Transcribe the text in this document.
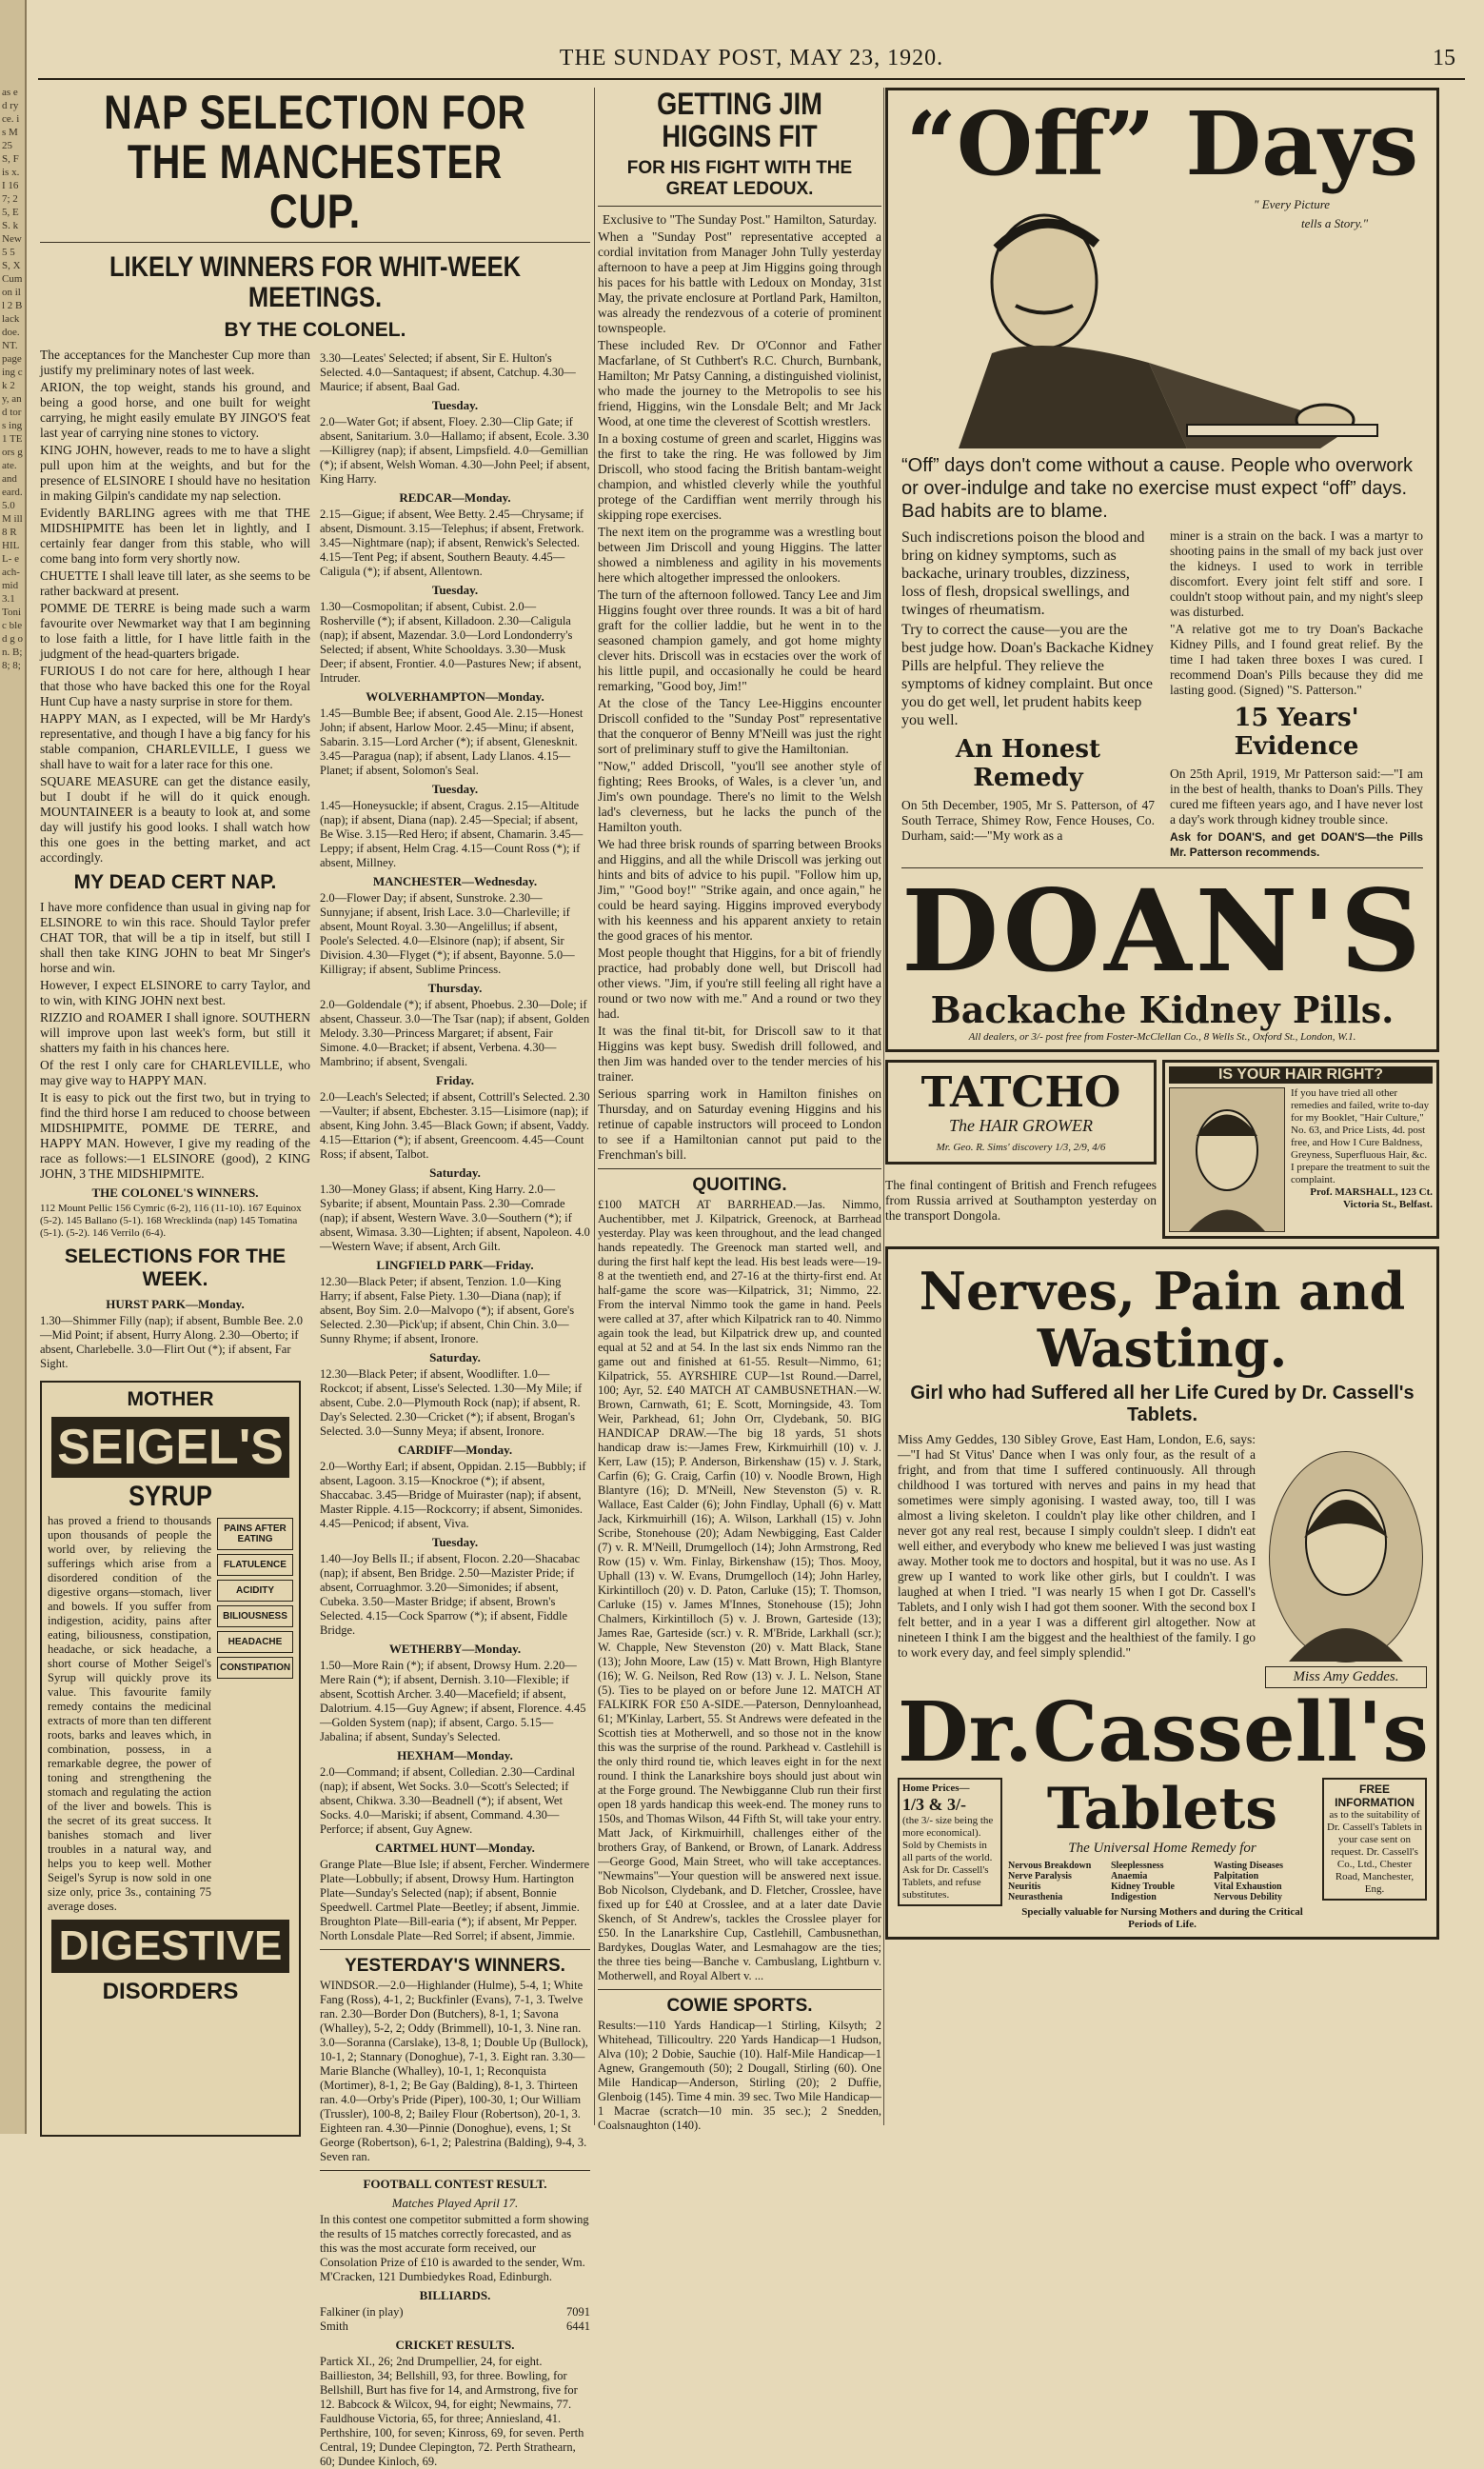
as ed ry ce. is M 25 S, F is x. I 16 7; 25, ES. k New 5 5 S, X Cum on ill 2 Black doe. NT. page ing ck 2 y, and tors ing 1 TE ors gate. and eard. 5.0 M ill 8 R HILL- each- mid 3.1 Tonic bled g on. B; 8; 8;
THE SUNDAY POST, MAY 23, 1920.	15
NAP SELECTION FOR THE MANCHESTER CUP.
LIKELY WINNERS FOR WHIT-WEEK MEETINGS.
BY THE COLONEL.

The acceptances for the Manchester Cup more than justify my preliminary notes of last week.

ARION, the top weight, stands his ground, and being a good horse, and one built for weight carrying, he might easily emulate BY JINGO'S feat last year of carrying nine stones to victory.

KING JOHN, however, reads to me to have a slight pull upon him at the weights, and but for the presence of ELSINORE I should have no hesitation in making Gilpin's candidate my nap selection.

Evidently BARLING agrees with me that THE MIDSHIPMITE has been let in lightly, and I certainly fear danger from this stable, who will come bang into form very shortly now.

CHUETTE I shall leave till later, as she seems to be rather backward at present.

POMME DE TERRE is being made such a warm favourite over Newmarket way that I am beginning to lose faith a little, for I have little faith in the judgment of the head-quarters brigade.

FURIOUS I do not care for here, although I hear that those who have backed this one for the Royal Hunt Cup have a nasty surprise in store for them.

HAPPY MAN, as I expected, will be Mr Hardy's representative, and though I have a big fancy for his stable companion, CHARLEVILLE, I guess we shall have to wait for a later race for this one.

SQUARE MEASURE can get the distance easily, but I doubt if he will do it quick enough. MOUNTAINEER is a beauty to look at, and some day will justify his good looks. I shall watch how this one goes in the betting market, and act accordingly.

MY DEAD CERT NAP.

I have more confidence than usual in giving nap for ELSINORE to win this race. Should Taylor prefer CHAT TOR, that will be a tip in itself, but still I shall then take KING JOHN to beat Mr Singer's horse and win.

However, I expect ELSINORE to carry Taylor, and to win, with KING JOHN next best.

RIZZIO and ROAMER I shall ignore. SOUTHERN will improve upon last week's form, but still it shatters my faith in his chances here.

Of the rest I only care for CHARLEVILLE, who may give way to HAPPY MAN.

It is easy to pick out the first two, but in trying to find the third horse I am reduced to choose between MIDSHIPMITE, POMME DE TERRE, and HAPPY MAN. However, I give my reading of the race as follows:—1 ELSINORE (good), 2 KING JOHN, 3 THE MIDSHIPMITE.

THE COLONEL'S WINNERS.

112 Mount Pellic 156 Cymric (6-2), 116 (11-10). 167 Equinox (5-2). 145 Ballano (5-1). 168 Wrecklinda (nap) 145 Tomatina (5-1). (5-2). 146 Verrilo (6-4).

SELECTIONS FOR THE WEEK.
HURST PARK—Monday.

1.30—Shimmer Filly (nap); if absent, Bumble Bee. 2.0—Mid Point; if absent, Hurry Along. 2.30—Oberto; if absent, Charlebelle. 3.0—Flirt Out (*); if absent, Far Sight.

MOTHER
SEIGEL'S
SYRUP

has proved a friend to thousands upon thousands of people the world over, by relieving the sufferings which arise from a disordered condition of the digestive organs—stomach, liver and bowels. If you suffer from indigestion, acidity, pains after eating, biliousness, constipation, headache, or sick headache, a short course of Mother Seigel's Syrup will quickly prove its value. This favourite family remedy contains the medicinal extracts of more than ten different roots, barks and leaves which, in combination, possess, in a remarkable degree, the power of toning and strengthening the stomach and regulating the action of the liver and bowels. This is the secret of its great success. It banishes stomach and liver troubles in a natural way, and helps you to keep well. Mother Seigel's Syrup is now sold in one size only, price 3s., containing 75 average doses.

PAINS AFTER EATING
FLATULENCE
ACIDITY
BILIOUSNESS
HEADACHE
CONSTIPATION
DIGESTIVE
DISORDERS

3.30—Leates' Selected; if absent, Sir E. Hulton's Selected. 4.0—Santaquest; if absent, Catchup. 4.30—Maurice; if absent, Baal Gad.

Tuesday.

2.0—Water Got; if absent, Floey. 2.30—Clip Gate; if absent, Sanitarium. 3.0—Hallamo; if absent, Ecole. 3.30—Killigrey (nap); if absent, Limpsfield. 4.0—Gemillian (*); if absent, Welsh Woman. 4.30—John Peel; if absent, King Harry.

REDCAR—Monday.

2.15—Gigue; if absent, Wee Betty. 2.45—Chrysame; if absent, Dismount. 3.15—Telephus; if absent, Fretwork. 3.45—Nightmare (nap); if absent, Renwick's Selected. 4.15—Tent Peg; if absent, Southern Beauty. 4.45—Caligula (*); if absent, Allentown.

Tuesday.

1.30—Cosmopolitan; if absent, Cubist. 2.0—Rosherville (*); if absent, Killadoon. 2.30—Caligula (nap); if absent, Mazendar. 3.0—Lord Londonderry's Selected; if absent, White Schooldays. 3.30—Musk Deer; if absent, Frontier. 4.0—Pastures New; if absent, Intruder.

WOLVERHAMPTON—Monday.

1.45—Bumble Bee; if absent, Good Ale. 2.15—Honest John; if absent, Harlow Moor. 2.45—Minu; if absent, Sabarin. 3.15—Lord Archer (*); if absent, Glenesknit. 3.45—Paragua (nap); if absent, Lady Llanos. 4.15—Planet; if absent, Solomon's Seal.

Tuesday.

1.45—Honeysuckle; if absent, Cragus. 2.15—Altitude (nap); if absent, Diana (nap). 2.45—Special; if absent, Be Wise. 3.15—Red Hero; if absent, Chamarin. 3.45—Leppy; if absent, Helm Crag. 4.15—Count Ross (*); if absent, Millney.

MANCHESTER—Wednesday.

2.0—Flower Day; if absent, Sunstroke. 2.30—Sunnyjane; if absent, Irish Lace. 3.0—Charleville; if absent, Mount Royal. 3.30—Angelillus; if absent, Poole's Selected. 4.0—Elsinore (nap); if absent, Sir Division. 4.30—Flyget (*); if absent, Bayonne. 5.0—Killigray; if absent, Sublime Princess.

Thursday.

2.0—Goldendale (*); if absent, Phoebus. 2.30—Dole; if absent, Chasseur. 3.0—The Tsar (nap); if absent, Golden Melody. 3.30—Princess Margaret; if absent, Fair Simone. 4.0—Bracket; if absent, Verbena. 4.30—Mambrino; if absent, Svengali.

Friday.

2.0—Leach's Selected; if absent, Cottrill's Selected. 2.30—Vaulter; if absent, Ebchester. 3.15—Lisimore (nap); if absent, King John. 3.45—Black Gown; if absent, Vaddy. 4.15—Ettarion (*); if absent, Greencoom. 4.45—Count Ross; if absent, Talbot.

Saturday.

1.30—Money Glass; if absent, King Harry. 2.0—Sybarite; if absent, Mountain Pass. 2.30—Comrade (nap); if absent, Western Wave. 3.0—Southern (*); if absent, Wimasa. 3.30—Lighten; if absent, Napoleon. 4.0—Western Wave; if absent, Arch Gilt.

LINGFIELD PARK—Friday.

12.30—Black Peter; if absent, Tenzion. 1.0—King Harry; if absent, False Piety. 1.30—Diana (nap); if absent, Boy Sim. 2.0—Malvopo (*); if absent, Gore's Selected. 2.30—Pick'up; if absent, Chin Chin. 3.0—Sunny Rhyme; if absent, Ironore.

Saturday.

12.30—Black Peter; if absent, Woodlifter. 1.0—Rockcot; if absent, Lisse's Selected. 1.30—My Mile; if absent, Cube. 2.0—Plymouth Rock (nap); if absent, R. Day's Selected. 2.30—Cricket (*); if absent, Brogan's Selected. 3.0—Sunny Meya; if absent, Ironore.

CARDIFF—Monday.

2.0—Worthy Earl; if absent, Oppidan. 2.15—Bubbly; if absent, Lagoon. 3.15—Knockroe (*); if absent, Shaccabac. 3.45—Bridge of Muiraster (nap); if absent, Master Ripple. 4.15—Rockcorry; if absent, Simonides. 4.45—Penicod; if absent, Viva.

Tuesday.

1.40—Joy Bells II.; if absent, Flocon. 2.20—Shacabac (nap); if absent, Ben Bridge. 2.50—Mazister Pride; if absent, Corruaghmor. 3.20—Simonides; if absent, Cubeka. 3.50—Master Bridge; if absent, Brown's Selected. 4.15—Cock Sparrow (*); if absent, Fiddle Bridge.

WETHERBY—Monday.

1.50—More Rain (*); if absent, Drowsy Hum. 2.20—Mere Rain (*); if absent, Dernish. 3.10—Flexible; if absent, Scottish Archer. 3.40—Macefield; if absent, Dalotrium. 4.15—Guy Agnew; if absent, Florence. 4.45—Golden System (nap); if absent, Cargo. 5.15—Jabalina; if absent, Sunday's Selected.

HEXHAM—Monday.

2.0—Command; if absent, Colledian. 2.30—Cardinal (nap); if absent, Wet Socks. 3.0—Scott's Selected; if absent, Chikwa. 3.30—Beadnell (*); if absent, Wet Socks. 4.0—Mariski; if absent, Command. 4.30—Perforce; if absent, Guy Agnew.

CARTMEL HUNT—Monday.

Grange Plate—Blue Isle; if absent, Fercher. Windermere Plate—Lobbully; if absent, Drowsy Hum. Hartington Plate—Sunday's Selected (nap); if absent, Bonnie Speedwell. Cartmel Plate—Beetley; if absent, Jimmie. Broughton Plate—Bill-earia (*); if absent, Mr Pepper. North Lonsdale Plate—Red Sorrel; if absent, Jimmie.

YESTERDAY'S WINNERS.

WINDSOR.—2.0—Highlander (Hulme), 5-4, 1; White Fang (Ross), 4-1, 2; Buckfinler (Evans), 7-1, 3. Twelve ran. 2.30—Border Don (Butchers), 8-1, 1; Savona (Whalley), 5-2, 2; Oddy (Brimmell), 10-1, 3. Nine ran. 3.0—Soranna (Carslake), 13-8, 1; Double Up (Bullock), 10-1, 2; Stannary (Donoghue), 7-1, 3. Eight ran. 3.30—Marie Blanche (Whalley), 10-1, 1; Reconquista (Mortimer), 8-1, 2; Be Gay (Balding), 8-1, 3. Thirteen ran. 4.0—Orby's Pride (Piper), 100-30, 1; Our William (Trussler), 100-8, 2; Bailey Flour (Robertson), 20-1, 3. Eighteen ran. 4.30—Pinnie (Donoghue), evens, 1; St George (Robertson), 6-1, 2; Palestrina (Balding), 9-4, 3. Seven ran.

FOOTBALL CONTEST RESULT.
Matches Played April 17.

In this contest one competitor submitted a form showing the results of 15 matches correctly forecasted, and as this was the most accurate form received, our Consolation Prize of £10 is awarded to the sender, Wm. M'Cracken, 121 Dumbiedykes Road, Edinburgh.

BILLIARDS.
Falkiner (in play)	7091
Smith	6441
CRICKET RESULTS.

Partick XI., 26; 2nd Drumpellier, 24, for eight. Baillieston, 34; Bellshill, 93, for three. Bowling, for Bellshill, Burt has five for 14, and Armstrong, five for 12. Babcock & Wilcox, 94, for eight; Newmains, 77. Fauldhouse Victoria, 65, for three; Anniesland, 41. Perthshire, 100, for seven; Kinross, 69, for seven. Perth Central, 19; Dundee Clepington, 72. Perth Strathearn, 60; Dundee Kinloch, 69.

GETTING JIM HIGGINS FIT
FOR HIS FIGHT WITH THE GREAT LEDOUX.

Exclusive to "The Sunday Post." Hamilton, Saturday.

When a "Sunday Post" representative accepted a cordial invitation from Manager John Tully yesterday afternoon to have a peep at Jim Higgins going through his paces for his battle with Ledoux on Monday, 31st May, the private enclosure at Portland Park, Hamilton, was already the rendezvous of a coterie of prominent townspeople.

These included Rev. Dr O'Connor and Father Macfarlane, of St Cuthbert's R.C. Church, Burnbank, Hamilton; Mr Patsy Canning, a distinguished violinist, who made the journey to the Metropolis to see his friend, Higgins, win the Lonsdale Belt; and Mr Jack Wood, at one time the cleverest of Scottish wrestlers.

In a boxing costume of green and scarlet, Higgins was the first to take the ring. He was followed by Jim Driscoll, who stood facing the British bantam-weight champion, and whistled cleverly while the youthful protege of the Cardiffian went merrily through his skipping rope exercises.

The next item on the programme was a wrestling bout between Jim Driscoll and young Higgins. The latter showed a nimbleness and agility in his movements here which altogether impressed the onlookers.

The turn of the afternoon followed. Tancy Lee and Jim Higgins fought over three rounds. It was a bit of hard graft for the collier laddie, but he went in to the seasoned champion gamely, and got home mighty clever hits. Driscoll was in ecstacies over the work of his little pupil, and occasionally he could be heard remarking, "Good boy, Jim!"

At the close of the Tancy Lee-Higgins encounter Driscoll confided to the "Sunday Post" representative that the conqueror of Benny M'Neill was just the right sort of preliminary stuff to give the Hamiltonian.

"Now," added Driscoll, "you'll see another style of fighting; Rees Brooks, of Wales, is a clever 'un, and Jim's own poundage. There's no limit to the Welsh lad's cleverness, but he lacks the punch of the Hamilton youth.

We had three brisk rounds of sparring between Brooks and Higgins, and all the while Driscoll was jerking out hints and bits of advice to his pupil. "Follow him up, Jim," "Good boy!" "Strike again, and once again," he could be heard saying. Higgins improved everybody with his keenness and his apparent anxiety to retain the good graces of his mentor.

Most people thought that Higgins, for a bit of friendly practice, had probably done well, but Driscoll had other views. "Jim, if you're still feeling all right have a round or two now with me." And a round or two they had.

It was the final tit-bit, for Driscoll saw to it that Higgins was kept busy. Swedish drill followed, and then Jim was handed over to the tender mercies of his trainer.

Serious sparring work in Hamilton finishes on Thursday, and on Saturday evening Higgins and his retinue of capable instructors will proceed to London to see if a Hamiltonian cannot put paid to the Frenchman's bill.

QUOITING.

£100 MATCH AT BARRHEAD.—Jas. Nimmo, Auchentibber, met J. Kilpatrick, Greenock, at Barrhead yesterday. Play was keen throughout, and the lead changed hands repeatedly. The Greenock man started well, and during the first half kept the lead. His best leads were—19-8 at the twentieth end, and 27-16 at the thirty-first end. At half-game the score was—Kilpatrick, 31; Nimmo, 22. From the interval Nimmo took the game in hand. Peels were called at 37, after which Kilpatrick ran to 40. Nimmo again took the lead, but Kilpatrick drew up, and counted equal at 52 and at 54. In the last six ends Nimmo ran the game out and finished at 61-55. Result—Nimmo, 61; Kilpatrick, 55. AYRSHIRE CUP—1st Round.—Darrel, 100; Ayr, 52. £40 MATCH AT CAMBUSNETHAN.—W. Brown, Carnwath, 61; E. Scott, Morningside, 43. Tom Weir, Parkhead, 61; John Orr, Clydebank, 50. BIG HANDICAP DRAW.—The big 18 yards, 51 shots handicap draw is:—James Frew, Kirkmuirhill (10) v. J. Kerr, Law (15); P. Anderson, Birkenshaw (15) v. J. Stark, Carfin (6); G. Craig, Carfin (10) v. Noodle Brown, High Blantyre (16); D. M'Neill, New Stevenston (5) v. R. Wallace, East Calder (6); John Findlay, Uphall (6) v. Matt Jack, Kirkmuirhill (16); A. Wilson, Larkhall (15) v. John Scribe, Stonehouse (20); Adam Newbigging, East Calder (7) v. R. M'Neill, Drumgelloch (14); John Armstrong, Red Row (15) v. Wm. Finlay, Birkenshaw (15); Thos. Mooy, Uphall (13) v. W. Evans, Drumgelloch (14); John Harley, Kirkintilloch (20) v. D. Paton, Carluke (15); T. Thomson, Carluke (15) v. James M'Innes, Stonehouse (15); John Chalmers, Kirkintilloch (5) v. J. Brown, Garteside (13); James Rae, Garteside (scr.) v. R. M'Bride, Larkhall (scr.); W. Chapple, New Stevenston (20) v. Matt Black, Stane (13); John Moore, Law (15) v. Matt Brown, High Blantyre (16); W. G. Neilson, Red Row (13) v. J. L. Nelson, Stane (5). Ties to be played on or before June 12. MATCH AT FALKIRK FOR £50 A-SIDE.—Paterson, Dennyloanhead, 61; M'Kinlay, Larbert, 55. St Andrews were defeated in the Scottish ties at Motherwell, and so those not in the know this was the surprise of the round. Parkhead v. Castlehill is the only third round tie, which leaves eight in for the next round. I think the Lanarkshire boys should just about win at the Forge ground. The Newbigganne Club run their first open 18 yards handicap this week-end. The money runs to 150s, and Thomas Wilson, 44 Fifth St, will take your entry. Matt Jack, of Kirkmuirhill, challenges either of the brothers Gray, of Bankend, or Brown, of Lanark. Address—George Good, Main Street, who will take acceptances. "Newmains"—Your question will be answered next issue. Bob Nicolson, Clydebank, and D. Fletcher, Crosslee, have fixed up for £40 at Crosslee, and at a later date Davie Skench, of St Andrew's, tackles the Crosslee player for £50. In the Lanarkshire Cup, Castlehill, Cambusnethan, Bardykes, Douglas Water, and Lesmahagow are the ties; the three ties being—Banche v. Cambuslang, Lightburn v. Motherwell, and Royal Albert v. ...

COWIE SPORTS.

Results:—110 Yards Handicap—1 Stirling, Kilsyth; 2 Whitehead, Tillicoultry. 220 Yards Handicap—1 Hudson, Alva (10); 2 Dobie, Sauchie (10). Half-Mile Handicap—1 Agnew, Grangemouth (50); 2 Dougall, Stirling (60). One Mile Handicap—Anderson, Stirling (20); 2 Duffie, Glenboig (145). Time 4 min. 39 sec. Two Mile Handicap—1 Macrae (scratch—10 min. 35 sec.); 2 Snedden, Coalsnaughton (140).

“Off” Days
" Every Picture
tells a Story."

“Off” days don't come without a cause. People who overwork or over-indulge and take no exercise must expect “off” days. Bad habits are to blame.

Such indiscretions poison the blood and bring on kidney symptoms, such as backache, urinary troubles, dizziness, loss of flesh, dropsical swellings, and twinges of rheumatism.

Try to correct the cause—you are the best judge how. Doan's Backache Kidney Pills are helpful. They relieve the symptoms of kidney complaint. But once you do get well, let prudent habits keep you well.

An Honest Remedy

On 5th December, 1905, Mr S. Patterson, of 47 South Terrace, Shimey Row, Fence Houses, Co. Durham, said:—"My work as a

miner is a strain on the back. I was a martyr to shooting pains in the small of my back just over the kidneys. I used to work in terrible discomfort. Every joint felt stiff and sore. I couldn't stoop without pain, and my night's sleep was disturbed.

"A relative got me to try Doan's Backache Kidney Pills, and I found great relief. By the time I had taken three boxes I was cured. I recommend Doan's Pills because they did me lasting good. (Signed) "S. Patterson."

15 Years' Evidence

On 25th April, 1919, Mr Patterson said:—"I am in the best of health, thanks to Doan's Pills. They cured me fifteen years ago, and I have never lost a day's work through kidney trouble since.

Ask for DOAN'S, and get DOAN'S—the Pills Mr. Patterson recommends.

DOAN'S
Backache Kidney Pills.
All dealers, or 3/- post free from Foster-McClellan Co., 8 Wells St., Oxford St., London, W.1.
TATCHO
The HAIR GROWER
Mr. Geo. R. Sims' discovery 1/3, 2/9, 4/6

The final contingent of British and French refugees from Russia arrived at Southampton yesterday on the transport Dongola.

IS YOUR HAIR RIGHT?

If you have tried all other remedies and failed, write to-day for my Booklet, "Hair Culture," No. 63, and Price Lists, 4d. post free, and How I Cure Baldness, Greyness, Superfluous Hair, &c. I prepare the treatment to suit the complaint.

Prof. MARSHALL, 123 Ct. Victoria St., Belfast.

Nerves, Pain and Wasting.
Girl who had Suffered all her Life Cured by Dr. Cassell's Tablets.

Miss Amy Geddes, 130 Sibley Grove, East Ham, London, E.6, says:—"I had St Vitus' Dance when I was only four, as the result of a fright, and from that time I suffered continuously. All through childhood I was tortured with nerves and pains in my head that sometimes were simply agonising. I wasted away, too, till I was almost a living skeleton. I couldn't play like other children, and I never got any real rest, because I simply couldn't sleep. I didn't eat well either, and everybody who knew me believed I was just wasting away. Mother took me to doctors and hospital, but it was no use. As I grew up I wanted to work like other girls, but I couldn't. I was laughed at when I tried. "I was nearly 15 when I got Dr. Cassell's Tablets, and I only wish I had got them sooner. With the second box I felt better, and in a year I was a different girl altogether. Now at nineteen I think I am the biggest and the healthiest of the family. I go to work every day, and feel simply splendid."

Miss Amy Geddes.
Dr.Cassell's
Home Prices—
1/3 & 3/-
(the 3/- size being the more economical). Sold by Chemists in all parts of the world. Ask for Dr. Cassell's Tablets, and refuse substitutes.
Tablets
The Universal Home Remedy for
Nervous Breakdown	Sleeplessness	Wasting Diseases
Nerve Paralysis	Anaemia	Palpitation
Neuritis	Kidney Trouble	Vital Exhaustion
Neurasthenia	Indigestion	Nervous Debility
Specially valuable for Nursing Mothers and during the Critical Periods of Life.
FREE INFORMATION
as to the suitability of Dr. Cassell's Tablets in your case sent on request. Dr. Cassell's Co., Ltd., Chester Road, Manchester, Eng.
